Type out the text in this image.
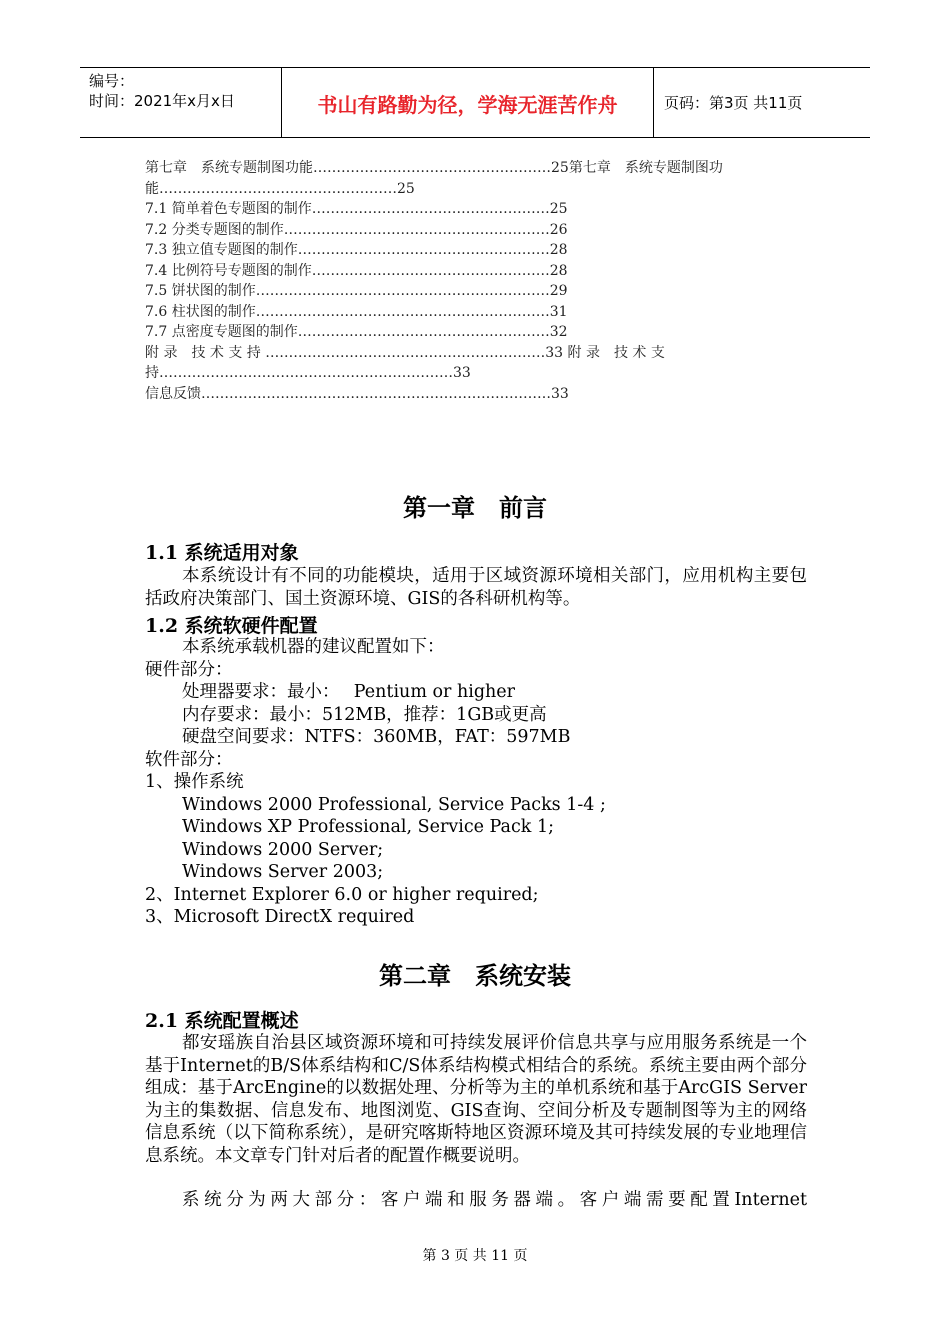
编号：
时间：2021年x月x日	书山有路勤为径，学海无涯苦作舟	页码：第3页 共11页
第七章　系统专题制图功能……………………………………………25第七章　系统专题制图功能……………………………………………25
7.1 简单着色专题图的制作……………………………………………25
7.2 分类专题图的制作…………………………………………………26
7.3 独立值专题图的制作………………………………………………28
7.4 比例符号专题图的制作……………………………………………28
7.5 饼状图的制作………………………………………………………29
7.6 柱状图的制作………………………………………………………31
7.7 点密度专题图的制作………………………………………………32
附 录　技 术 支 持 ……………………………………………………33 附 录　技 术 支 持………………………………………………………33
信息反馈…………………………………………………………………33
第一章　前言
1.1 系统适用对象
本系统设计有不同的功能模块，适用于区域资源环境相关部门，应用机构主要包括政府决策部门、国土资源环境、GIS的各科研机构等。
1.2 系统软硬件配置
本系统承载机器的建议配置如下：
硬件部分：
处理器要求：最小：　 Pentium or higher
内存要求：最小：512MB，推荐：1GB或更高
硬盘空间要求：NTFS：360MB，FAT：597MB
软件部分：
1、操作系统
Windows 2000 Professional, Service Packs 1-4 ;
Windows XP Professional, Service Pack 1;
Windows 2000 Server;
Windows Server 2003;
2、Internet Explorer 6.0 or higher required;
3、Microsoft DirectX required
第二章　系统安装
2.1 系统配置概述
都安瑶族自治县区域资源环境和可持续发展评价信息共享与应用服务系统是一个基于Internet的B/S体系结构和C/S体系结构模式相结合的系统。系统主要由两个部分组成：基于ArcEngine的以数据处理、分析等为主的单机系统和基于ArcGIS Server为主的集数据、信息发布、地图浏览、GIS查询、空间分析及专题制图等为主的网络信息系统（以下简称系统），是研究喀斯特地区资源环境及其可持续发展的专业地理信息系统。本文章专门针对后者的配置作概要说明。
系统分为两大部分：客户端和服务器端。客户端需要配置Internet
第 3 页 共 11 页
